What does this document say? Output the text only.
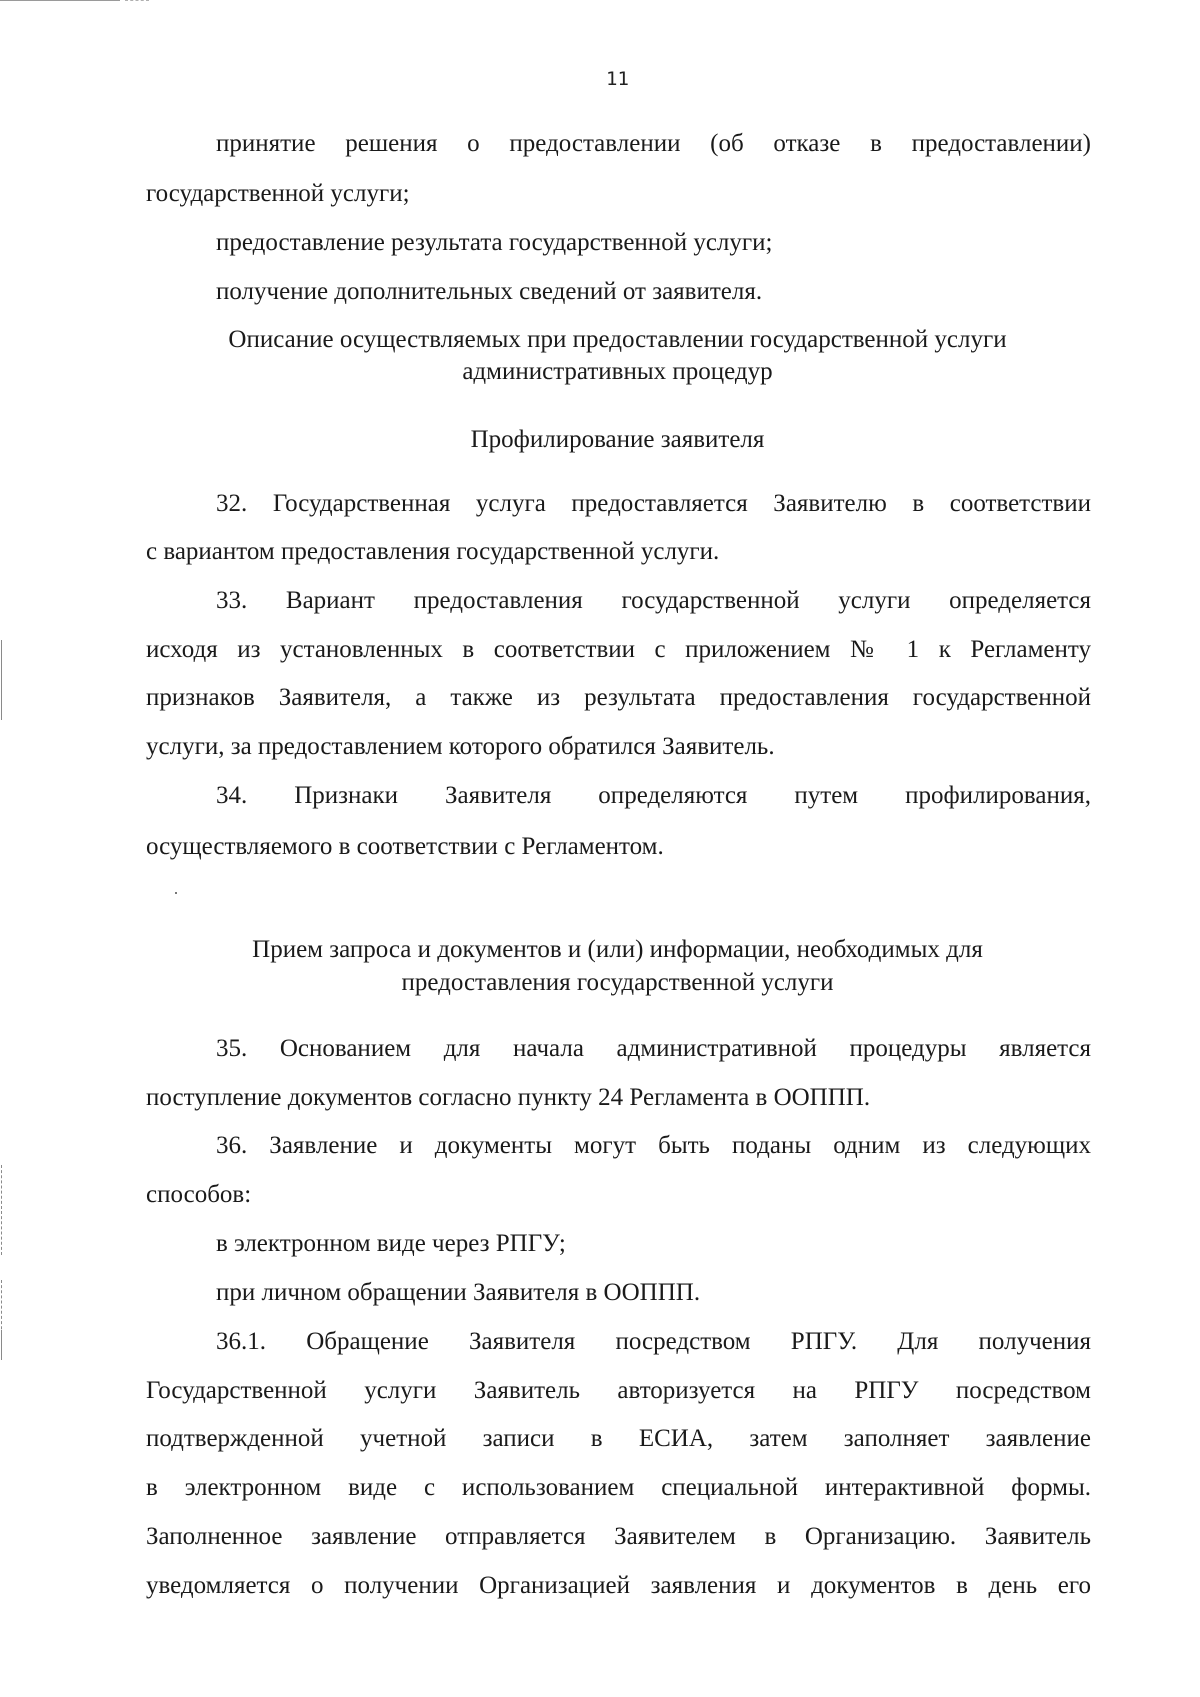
11
принятие решения о предоставлении (об отказе в предоставлении)
государственной услуги;
предоставление результата государственной услуги;
получение дополнительных сведений от заявителя.
Описание осуществляемых при предоставлении государственной услуги
административных процедур
Профилирование заявителя
32. Государственная услуга предоставляется Заявителю в соответствии
с вариантом предоставления государственной услуги.
33. Вариант предоставления государственной услуги определяется
исходя из установленных в соответствии с приложением № 1 к Регламенту
признаков Заявителя, а также из результата предоставления государственной
услуги, за предоставлением которого обратился Заявитель.
34. Признаки Заявителя определяются путем профилирования,
осуществляемого в соответствии с Регламентом.
Прием запроса и документов и (или) информации, необходимых для
предоставления государственной услуги
35. Основанием для начала административной процедуры является
поступление документов согласно пункту 24 Регламента в ООППП.
36. Заявление и документы могут быть поданы одним из следующих
способов:
в электронном виде через РПГУ;
при личном обращении Заявителя в ООППП.
36.1. Обращение Заявителя посредством РПГУ. Для получения
Государственной услуги Заявитель авторизуется на РПГУ посредством
подтвержденной учетной записи в ЕСИА, затем заполняет заявление
в электронном виде с использованием специальной интерактивной формы.
Заполненное заявление отправляется Заявителем в Организацию. Заявитель
уведомляется о получении Организацией заявления и документов в день его
